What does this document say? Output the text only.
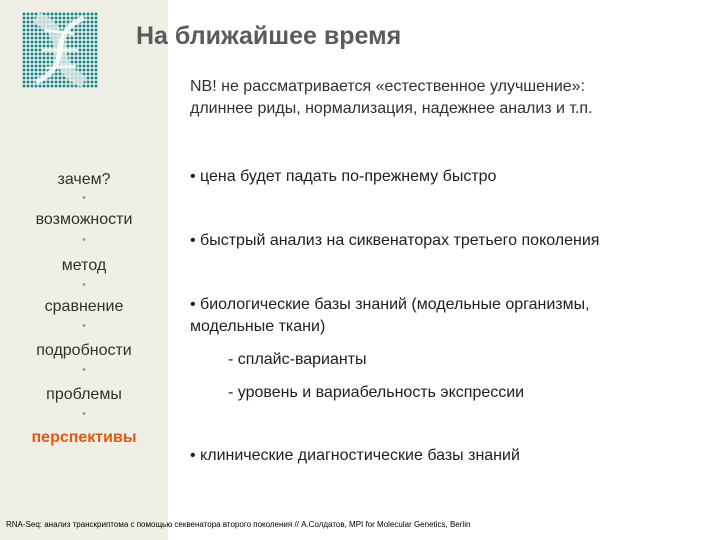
На ближайшее время
NB! не рассматривается «естественное улучшение»:
длиннее риды, нормализация, надежнее анализ и т.п.
зачем?
•
возможности
•
метод
•
сравнение
•
подробности
•
проблемы
•
перспективы
• цена будет падать по-прежнему быстро
• быстрый анализ на сиквенаторах третьего поколения
• биологические базы знаний (модельные организмы,
модельные ткани)
- сплайс-варианты
- уровень и вариабельность экспрессии
• клинические диагностические базы знаний
RNA-Seq: анализ транскриптома с помощью секвенатора второго поколения // A.Солдатов, MPI for Molecular Genetics, Berlin
